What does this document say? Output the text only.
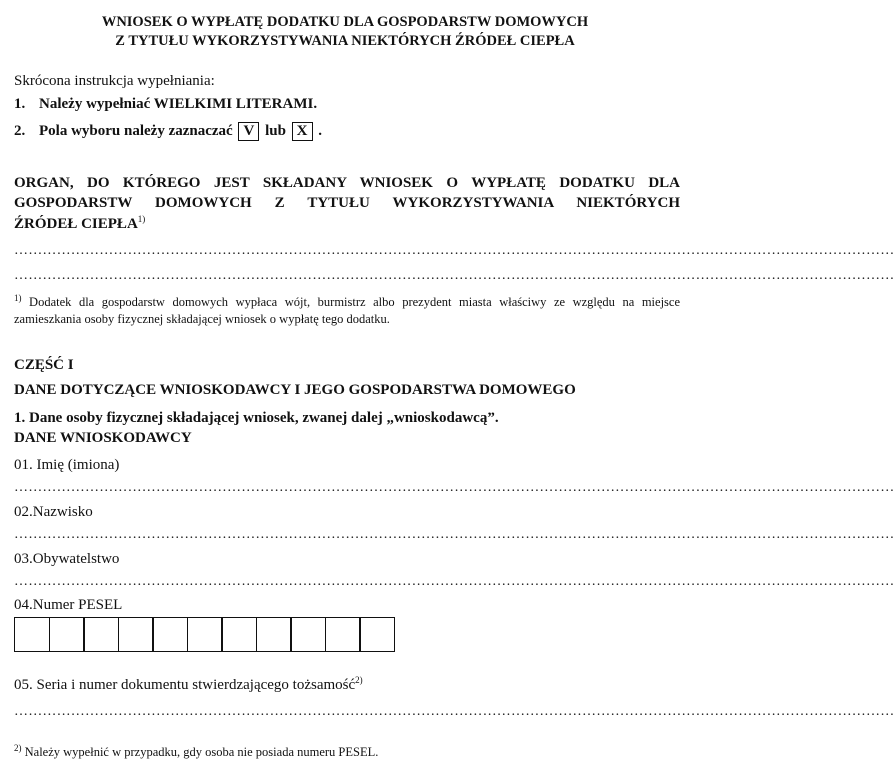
WNIOSEK O WYPŁATĘ DODATKU DLA GOSPODARSTW DOMOWYCH
Z TYTUŁU WYKORZYSTYWANIA NIEKTÓRYCH ŹRÓDEŁ CIEPŁA
Skrócona instrukcja wypełniania:
1. Należy wypełniać WIELKIMI LITERAMI.
2. Pola wyboru należy zaznaczać V lub X .
ORGAN, DO KTÓREGO JEST SKŁADANY WNIOSEK O WYPŁATĘ DODATKU DLA
GOSPODARSTW DOMOWYCH Z TYTUŁU WYKORZYSTYWANIA NIEKTÓRYCH
ŹRÓDEŁ CIEPŁA$^{1)}$
……………………………………………………………………………………………………………………………………………………………………
……………………………………………………………………………………………………………………………………………………………………
$^{1)}$ Dodatek dla gospodarstw domowych wypłaca wójt, burmistrz albo prezydent miasta właściwy ze względu na miejsce
zamieszkania osoby fizycznej składającej wniosek o wypłatę tego dodatku.
CZĘŚĆ I
DANE DOTYCZĄCE WNIOSKODAWCY I JEGO GOSPODARSTWA DOMOWEGO
1. Dane osoby fizycznej składającej wniosek, zwanej dalej „wnioskodawcą”.
DANE WNIOSKODAWCY
01. Imię (imiona)
……………………………………………………………………………………………………………………………………………………………………
02.Nazwisko
……………………………………………………………………………………………………………………………………………………………………
03.Obywatelstwo
……………………………………………………………………………………………………………………………………………………………………
04.Numer PESEL
05. Seria i numer dokumentu stwierdzającego tożsamość$^{2)}$
……………………………………………………………………………………………………………………………………………………………………
$^{2)}$ Należy wypełnić w przypadku, gdy osoba nie posiada numeru PESEL.
